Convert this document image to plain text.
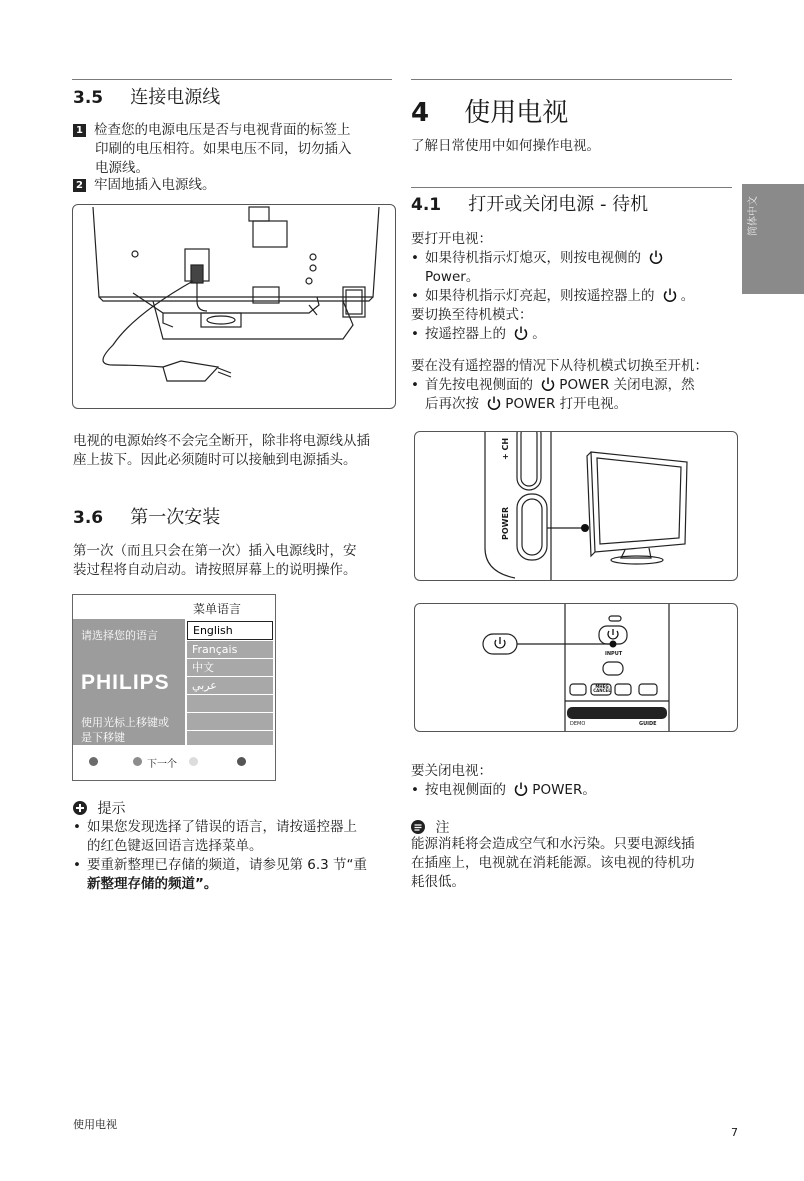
简体中文
3.5 连接电源线
1 检查您的电源电压是否与电视背面的标签上
印刷的电压相符。如果电压不同，切勿插入
电源线。
2 牢固地插入电源线。
电视的电源始终不会完全断开，除非将电源线从插
座上拔下。因此必须随时可以接触到电源插头。
3.6 第一次安装
第一次（而且只会在第一次）插入电源线时，安
装过程将自动启动。请按照屏幕上的说明操作。
菜单语言
请选择您的语言
PHILIPS
使用光标上移键或
是下移键
English
Français
中文
عربي
下一个
提示
• 如果您发现选择了错误的语言，请按遥控器上
的红色键返回语言选择菜单。
• 要重新整理已存储的频道，请参见第 6.3 节“重
新整理存储的频道”。
4 使用电视
了解日常使用中如何操作电视。
4.1 打开或关闭电源 - 待机
要打开电视：
• 如果待机指示灯熄灭，则按电视侧的
Power。
• 如果待机指示灯亮起，则按遥控器上的 。
要切换至待机模式：
• 按遥控器上的 。
要在没有遥控器的情况下从待机模式切换至开机：
• 首先按电视侧面的 POWER 关闭电源，然
后再次按 POWER 打开电视。
+ CH
POWER
INPUT
MHEG CANCEL
DEMO	GUIDE
要关闭电视：
• 按电视侧面的 POWER。
注
能源消耗将会造成空气和水污染。只要电源线插
在插座上，电视就在消耗能源。该电视的待机功
耗很低。
使用电视
7
